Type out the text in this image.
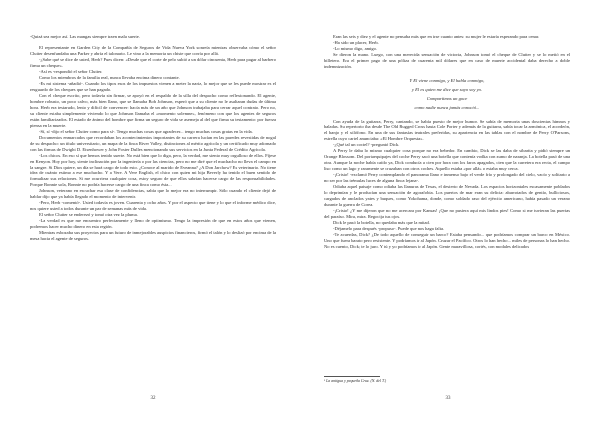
-Quizá sea mejor así. Las mangas siempre traen mala suerte.

El representante en Garden City de la Compañía de Seguros de Vida Nueva York sonreía mientras observaba cómo el señor Clutter desenfundaba una Parker y abría el talonario. Le vino a la memoria un chiste que corría por allá.

-¿Sabe qué se dice de usted, Herb? Pues dicen: «Desde que el corte de pelo subió a un dólar cincuenta, Herb para pagar al barbero firma un cheque».

-Así es -respondió el señor Clutter.

Como los miembros de la familia real, nunca llevaba encima dinero contante.

-Es mi sistema -añadió-. Cuando los tipos esos de los impuestos vienen a meter la nariz, lo mejor que se les puede mostrar es el resguardo de los cheques que se han pagado.

Con el cheque escrito, pero todavía sin firmar, se apoyó en el respaldo de la silla del despacho como reflexionando. El agente, hombre robusto, un poco calvo, más bien llano, que se llamaba Bob Johnson, esperó que a su cliente no le asaltaran dudas de última hora. Herb era testarudo, lento y difícil de convencer: hacía más de un año que Johnson trabajaba para cerrar aquel contrato. Pero no, su cliente estaba simplemente viviendo lo que Johnson llamaba el «momento solemne», fenómeno con que los agentes de seguros están familiarizados. El estado de ánimo del hombre que firma un seguro de vida se asemeja al del que firma su testamento: por fuerza piensa en la muerte.

-Sí, sí -dijo el señor Clutter como para sí-. Tengo muchas cosas que agradecer... tengo muchas cosas gratas en la vida.

Documentos enmarcados que recordaban los acontecimientos importantes de su carrera lucían en las paredes revestidas de nogal de su despacho: un título universitario, un mapa de la finca River Valley, distinciones al mérito agrícola y un certificado muy adornado con las firmas de Dwight D. Eisenhower y John Foster Dulles mencionando sus servicios en la Junta Federal de Crédito Agrícola.

-Los chicos. En eso sí que hemos tenido suerte. No está bien que lo diga, pero, la verdad, me siento muy orgulloso de ellos. Fíjese en Kenyon. Hoy por hoy, siente inclinación por la ingeniería o por las ciencias, pero no me diré que el muchacho no lleva el campo en la sangre. Si Dios quiere, un día se hará cargo de todo esto. ¿Conoce al marido de Eveanna? ¿A Don Jarchow? Es veterinario. No tiene idea de cuánto estimo a ese muchacho. Y a Vere. A Vere English, el chico con quien mi hija Beverly ha tenido el buen sentido de formalizar sus relaciones. Si me ocurriera cualquier cosa, estoy seguro de que ellos sabrían hacerse cargo de las responsabilidades. Porque Bonnie sola, Bonnie no podría hacerse cargo de una finca como ésta...

Johnson, veterano en escuchar esa clase de confidencias, sabía que lo mejor era no interrumpir. Sólo cuando el cliente dejó de hablar dijo que ya había llegado el momento de intervenir.

-Pero, Herb -comentó-. Usted todavía es joven. Cuarenta y ocho años. Y por el aspecto que tiene y lo que el informe médico dice, nos quiere usted a todos durante un par de semanas más de vida.

El señor Clutter se enderezó y tomó otra vez la pluma.

-La verdad es que me encuentro perfectamente y lleno de optimismo. Tengo la impresión de que en estos años que vienen, podremos hacer mucho dinero en esta región.

Mientras esbozaba sus proyectos para un futuro de inmejorables auspicios financieros, firmó el talón y lo deslizó por encima de la mesa hacia el agente de seguros.

Eran las seis y diez y el agente no pensaba más que en irse cuanto antes: su mujer le estaría esperando para cenar.

-Ha sido un placer, Herb.

-Lo mismo digo, amigo.

Se dieron la mano. Luego, con una merecida sensación de victoria, Johnson tomó el cheque de Clutter y se lo metió en el billetero. Era el primer pago de una póliza de cuarenta mil dólares que en caso de muerte accidental daba derecho a doble indemnización.

Y El viene conmigo, y El habla conmigo,
y El es quien me dice que suyo soy yo.
Compartimos un goce
como nadie nunca jamás conoció...

Con ayuda de la guitarra, Perry, cantando, se había puesto de mejor humor. Se sabía de memoria unas doscientas himnos y baladas. Su repertorio iba desde The Old Rugged Cross hasta Cole Porter y además de la guitarra, sabía tocar la armónica, el acordeón, el banjo y el xilófono. En una de sus fantasías teatrales preferidas, su apariencia en las tablas con el nombre de Perry O'Parsons, estrella cuyo cartel anunciaba: «El Hombre Orquesta».

-¿Qué tal un coctel? -preguntó Dick.

A Perry le daba lo mismo cualquier cosa porque no era bebedor. En cambio, Dick se las daba de sibarita y pidió siempre un Orange Blossom. Del portaequipajes del coche Perry sacó una botella que contenía vodka con zumo de naranja. La botella pasó de una otra. Aunque la noche había caído ya, Dick conducía a cien por hora con los faros apagados, cien que la carretera era recta, el campo liso como un lago y raramente se cruzaban con otros coches. Aquello estaba «por allá» o estaba muy cerca.

-¡Cristo! -exclamó Perry contemplando el panorama llano e inmenso bajo el verde frío y prolongado del cielo, vacío y solitario a no ser por las trémulas luces de alguna finca lejana-.

Odiaba aquel paisaje como odiaba las llanuras de Texas, el desierto de Nevada. Los espacios horizontales escasamente poblados lo deprimían y le producían una sensación de agorafobia. Los puertos de mar eran su delicia: abarrotados de gentío, bulliciosos, cargados de anclados yates y buques, como Yokohama, donde, como soldado raso del ejército americano, había pasado un verano durante la guerra de Corea.

-¡Cristo! ¿Y me dijeron que no me acercara por Kansas! ¡Que no pusiera aquí mis lindos pies! Como si me tuvieran las puertas del paraíso. Mira, mira. Regocija tus ojos.

Dick le pasó la botella, no quedaba más que la mitad.

-Déjamelo para después -propuso-. Puede que nos haga falta.

-Te acuerdas, Dick? ¿De todo aquello de conseguir un barco? Estaba pensando... que podríamos comprar un barco en México. Uno que fuera barato pero resistente. Y podríamos ir al Japón. Cruzar el Pacífico. Otros lo han hecho... miles de personas lo han hecho. No es cuento, Dick; te lo juro. Y tú y yo podríamos ir al Japón. Gente maravillosa, cortés, con modales delicados

¹ La antigua y pequeña Cruz. (N. del T.)
32	33
